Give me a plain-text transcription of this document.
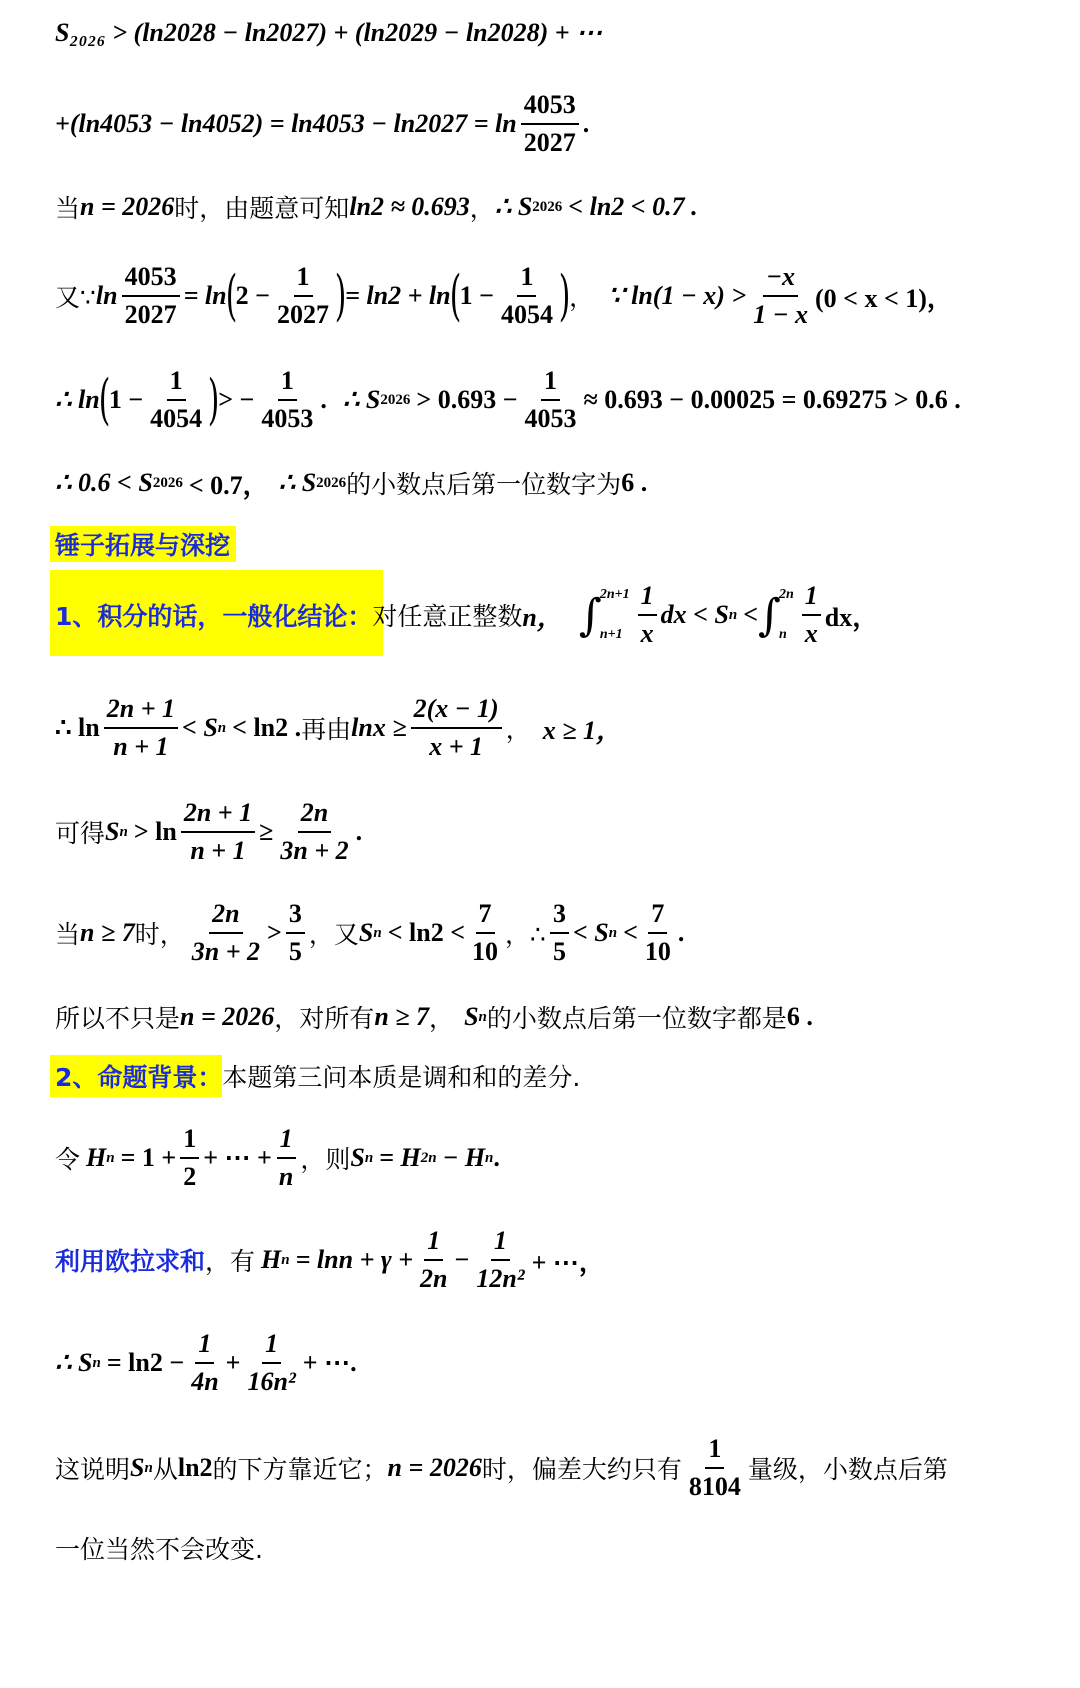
S₂₀₂₆ > (ln2028 − ln2027) + (ln2029 − ln2028) + ⋯
$+(\ln 4053 - \ln 4052) = \ln 4053 - \ln 2027 = \ln \frac{4053}{2027}$ .
当 n = 2026 时，由题意可知 ln2 ≈ 0.693 ， ∴ S 2026 < ln2 < 0.7 .
又∵ $\ln \frac{4053}{2027} = \ln$
(
$2 - \frac{1}{2027}$ )
= ln2 + ln
(
$1 - \frac{1}{4054}$ )
， ∵ $\ln(1 - x) > \frac{-x}{1 - x} (0 < x < 1)$，
∴ ln
(
$1 - \frac{1}{4054}$ )
> − $\frac{1}{4053}$ . ∴ S $2026 > 0.693 - \frac{1}{4053} \approx 0.693 - 0.00025 = 0.69275 > 0.6$ .
∴ 0.6 < S 2026 < 0.7， ∴ S 2026 的小数点后第一位数字为 6 .
锤子拓展与深挖
1、积分的话，一般化结论： 对任意正整数 n， ∫
2n+1
$n+1 \frac{1}{x}$ dx < S n < ∫
2n
n $\frac{1}{x}$ dx，
∴ $\ln \frac{2n + 1}{n + 1} < S$ n < ln2 . 再由 $\ln x \ge \frac{2(x - 1)}{x + 1}$ ， x ≥ 1，
可得 S $n > \ln \frac{2n + 1}{n + 1} \ge \frac{2n}{3n + 2}$ .
当 n ≥ 7 时， $\frac{2n}{3n + 2} > \frac{3}{5}$ ，又 S $n < \ln 2 < \frac{7}{10}$ ，∴ $\frac{3}{5} < S$ $n < \frac{7}{10}$ .
所以不只是 n = 2026 ，对所有 n ≥ 7 ， S n 的小数点后第一位数字都是 6 .
2、命题背景： 本题第三问本质是调和和的差分.
令 H $n = 1 + \frac{1}{2}$ + ⋯ + $\frac{1}{n}$ ，则 S n = H 2n − H n .
利用欧拉求和 ，有 H $n = \ln n + \gamma + \frac{1}{2n} - \frac{1}{\text{12n²}}$ + ⋯，
∴ S $n = \ln 2 - \frac{1}{4n} + \frac{1}{\text{16n²}}$ + ⋯.
这说明 S n 从 ln2 的下方靠近它； n = 2026 时，偏差大约只有 $\frac{1}{8104}$ 量级，小数点后第
一位当然不会改变.
